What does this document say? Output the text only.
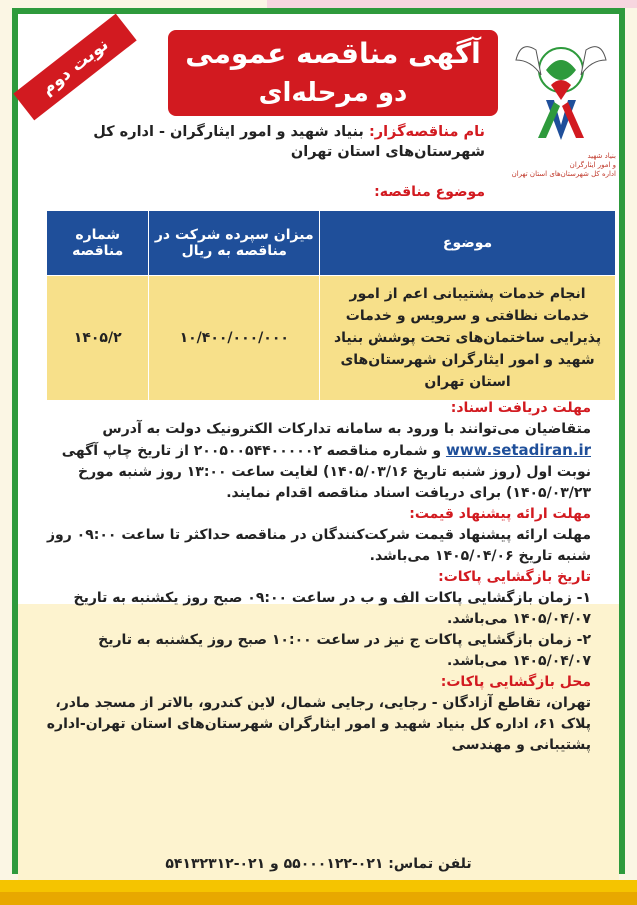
نوبت دوم	آگهی مناقصه عمومی
دو مرحله‌ای
بنیاد شهید
و امور ایثارگران
اداره کل شهرستان‌های استان تهران
نام مناقصه‌گزار: بنیاد شهید و امور ایثارگران - اداره کل شهرستان‌های استان تهران
موضوع مناقصه:
موضوع	میزان سپرده شرکت در مناقصه به ریال	شماره مناقصه
انجام خدمات پشتیبانی اعم از امور خدمات نظافتی و سرویس و خدمات پذیرایی ساختمان‌های تحت پوشش بنیاد شهید و امور ایثارگران شهرستان‌های استان تهران	۱۰/۴۰۰/۰۰۰/۰۰۰	۱۴۰۵/۲

مهلت دریافت اسناد:

متقاضیان می‌توانند با ورود به سامانه تدارکات الکترونیک دولت به آدرس www.setadiran.ir و شماره مناقصه ۲۰۰۵۰۰۵۴۴۰۰۰۰۰۲ از تاریخ چاپ آگهی نوبت اول (روز شنبه تاریخ ۱۴۰۵/۰۳/۱۶) لغایت ساعت ۱۳:۰۰ روز شنبه مورخ ۱۴۰۵/۰۳/۲۳) برای دریافت اسناد مناقصه اقدام نمایند.

مهلت ارائه پیشنهاد قیمت:

مهلت ارائه پیشنهاد قیمت شرکت‌کنندگان در مناقصه حداکثر تا ساعت ۰۹:۰۰ روز شنبه تاریخ ۱۴۰۵/۰۴/۰۶ می‌باشد.

تاریخ بازگشایی پاکات:

۱- زمان بازگشایی پاکات الف و ب در ساعت ۰۹:۰۰ صبح روز یکشنبه به تاریخ ۱۴۰۵/۰۴/۰۷ می‌باشد.

۲- زمان بازگشایی پاکات ج نیز در ساعت ۱۰:۰۰ صبح روز یکشنبه به تاریخ ۱۴۰۵/۰۴/۰۷ می‌باشد.

محل بازگشایی پاکات:

تهران، تقاطع آزادگان - رجایی، رجایی شمال، لاین کندرو، بالاتر از مسجد مادر، پلاک ۶۱، اداره کل بنیاد شهید و امور ایثارگران شهرستان‌های استان تهران-اداره پشتیبانی و مهندسی

تلفن تماس: ۰۲۱-۵۵۰۰۰۱۲۲ و ۰۲۱-۵۴۱۳۲۳۱۲
